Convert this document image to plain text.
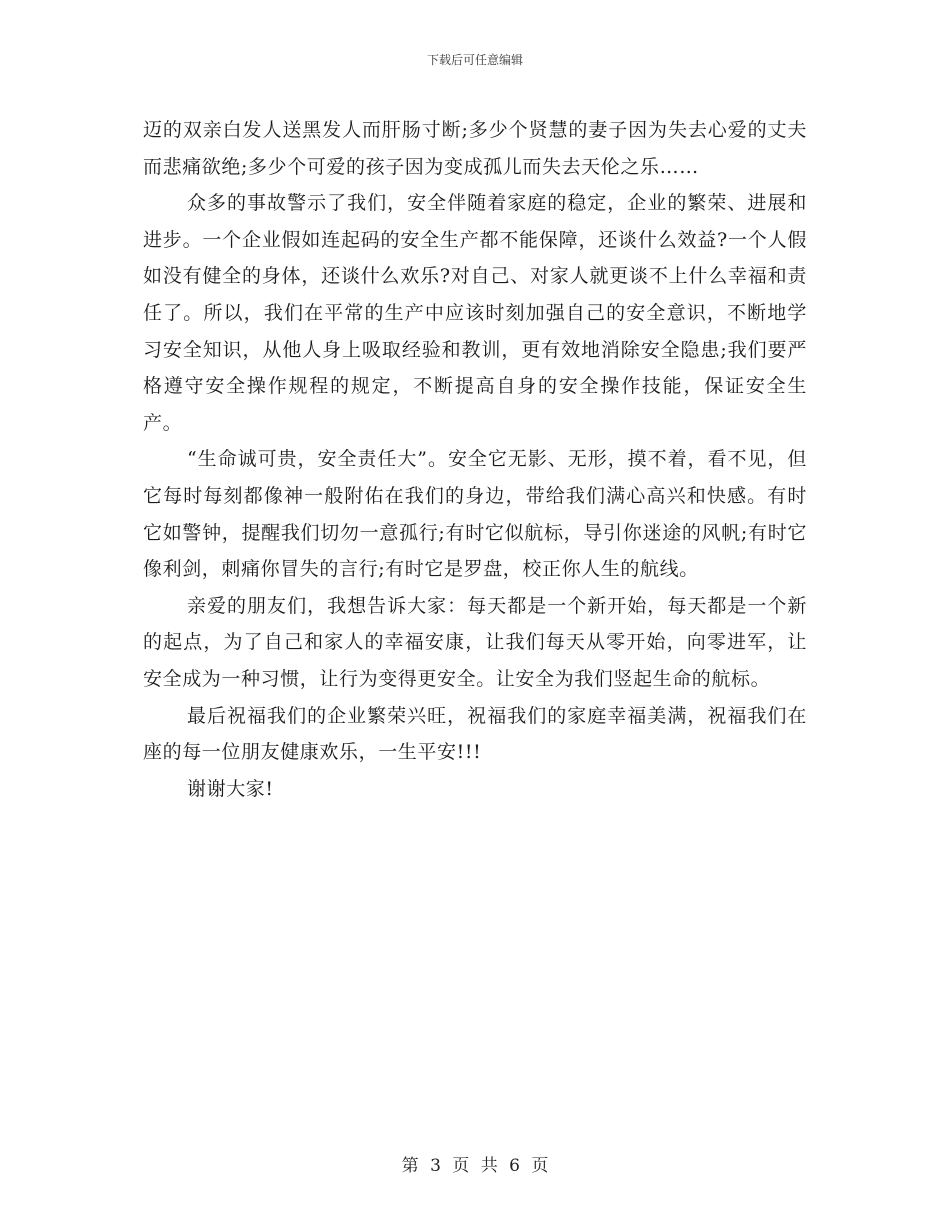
下载后可任意编辑

迈的双亲白发人送黑发人而肝肠寸断;多少个贤慧的妻子因为失去心爱的丈夫而悲痛欲绝;多少个可爱的孩子因为变成孤儿而失去天伦之乐……

众多的事故警示了我们，安全伴随着家庭的稳定，企业的繁荣、进展和进步。一个企业假如连起码的安全生产都不能保障，还谈什么效益?一个人假如没有健全的身体，还谈什么欢乐?对自己、对家人就更谈不上什么幸福和责任了。所以，我们在平常的生产中应该时刻加强自己的安全意识，不断地学习安全知识，从他人身上吸取经验和教训，更有效地消除安全隐患;我们要严格遵守安全操作规程的规定，不断提高自身的安全操作技能，保证安全生产。

“生命诚可贵，安全责任大”。安全它无影、无形，摸不着，看不见，但它每时每刻都像神一般附佑在我们的身边，带给我们满心高兴和快感。有时它如警钟，提醒我们切勿一意孤行;有时它似航标，导引你迷途的风帆;有时它像利剑，刺痛你冒失的言行;有时它是罗盘，校正你人生的航线。

亲爱的朋友们，我想告诉大家：每天都是一个新开始，每天都是一个新的起点，为了自己和家人的幸福安康，让我们每天从零开始，向零进军，让安全成为一种习惯，让行为变得更安全。让安全为我们竖起生命的航标。

最后祝福我们的企业繁荣兴旺，祝福我们的家庭幸福美满，祝福我们在座的每一位朋友健康欢乐，一生平安!!!

谢谢大家!

第 3 页 共 6 页
